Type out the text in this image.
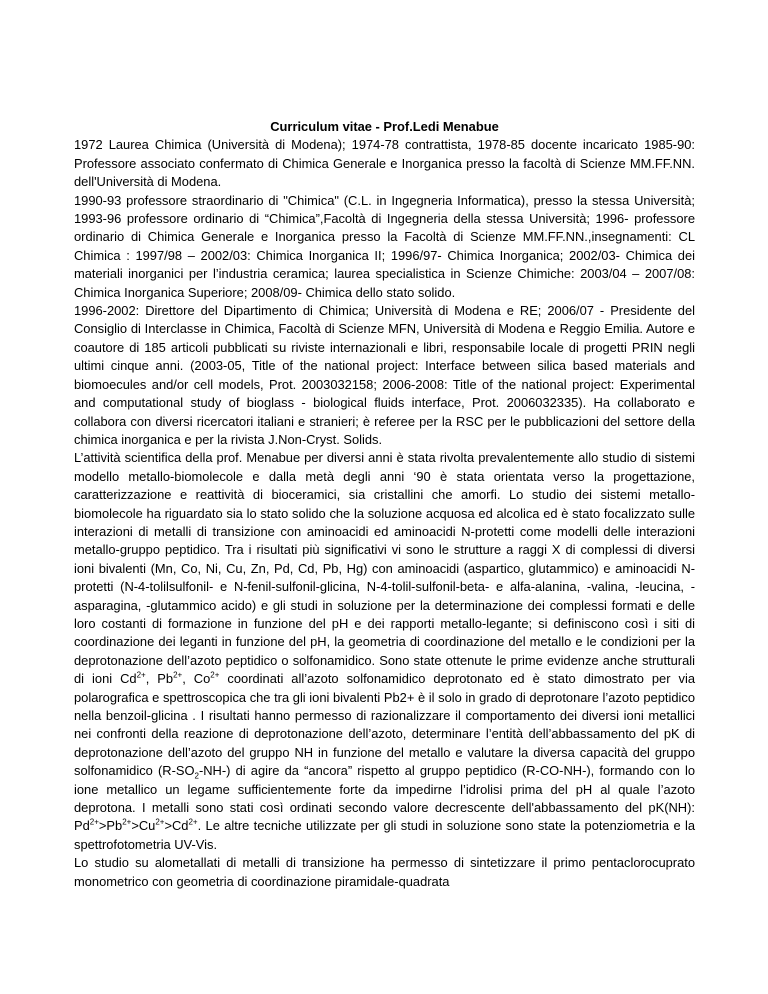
Curriculum vitae - Prof.Ledi Menabue

1972 Laurea Chimica (Università di Modena); 1974-78 contrattista, 1978-85 docente incaricato 1985-90: Professore associato confermato di Chimica Generale e Inorganica presso la facoltà di Scienze MM.FF.NN. dell'Università di Modena.

1990-93 professore straordinario di "Chimica" (C.L. in Ingegneria Informatica), presso la stessa Università; 1993-96 professore ordinario di “Chimica”,Facoltà di Ingegneria della stessa Università; 1996- professore ordinario di Chimica Generale e Inorganica presso la Facoltà di Scienze MM.FF.NN.,insegnamenti: CL Chimica : 1997/98 – 2002/03: Chimica Inorganica II; 1996/97- Chimica Inorganica; 2002/03- Chimica dei materiali inorganici per l’industria ceramica; laurea specialistica in Scienze Chimiche: 2003/04 – 2007/08: Chimica Inorganica Superiore; 2008/09- Chimica dello stato solido.

1996-2002: Direttore del Dipartimento di Chimica; Università di Modena e RE; 2006/07 - Presidente del Consiglio di Interclasse in Chimica, Facoltà di Scienze MFN, Università di Modena e Reggio Emilia. Autore e coautore di 185 articoli pubblicati su riviste internazionali e libri, responsabile locale di progetti PRIN negli ultimi cinque anni. (2003-05, Title of the national project: Interface between silica based materials and biomoecules and/or cell models, Prot. 2003032158; 2006-2008: Title of the national project: Experimental and computational study of bioglass - biological fluids interface, Prot. 2006032335). Ha collaborato e collabora con diversi ricercatori italiani e stranieri; è referee per la RSC per le pubblicazioni del settore della chimica inorganica e per la rivista J.Non-Cryst. Solids.

L’attività scientifica della prof. Menabue per diversi anni è stata rivolta prevalentemente allo studio di sistemi modello metallo-biomolecole e dalla metà degli anni ‘90 è stata orientata verso la progettazione, caratterizzazione e reattività di bioceramici, sia cristallini che amorfi. Lo studio dei sistemi metallo-biomolecole ha riguardato sia lo stato solido che la soluzione acquosa ed alcolica ed è stato focalizzato sulle interazioni di metalli di transizione con aminoacidi ed aminoacidi N-protetti come modelli delle interazioni metallo-gruppo peptidico. Tra i risultati più significativi vi sono le strutture a raggi X di complessi di diversi ioni bivalenti (Mn, Co, Ni, Cu, Zn, Pd, Cd, Pb, Hg) con aminoacidi (aspartico, glutammico) e aminoacidi N-protetti (N-4-tolilsulfonil- e N-fenil-sulfonil-glicina, N-4-tolil-sulfonil-beta- e alfa-alanina, -valina, -leucina, -asparagina, -glutammico acido) e gli studi in soluzione per la determinazione dei complessi formati e delle loro costanti di formazione in funzione del pH e dei rapporti metallo-legante; si definiscono così i siti di coordinazione dei leganti in funzione del pH, la geometria di coordinazione del metallo e le condizioni per la deprotonazione dell’azoto peptidico o solfonamidico. Sono state ottenute le prime evidenze anche strutturali di ioni $Cd^{2+}$, $Pb^{2+}$, $Co^{2+}$ coordinati all’azoto solfonamidico deprotonato ed è stato dimostrato per via polarografica e spettroscopica che tra gli ioni bivalenti Pb2+ è il solo in grado di deprotonare l’azoto peptidico nella benzoil-glicina . I risultati hanno permesso di razionalizzare il comportamento dei diversi ioni metallici nei confronti della reazione di deprotonazione dell’azoto, determinare l’entità dell’abbassamento del pK di deprotonazione dell’azoto del gruppo NH in funzione del metallo e valutare la diversa capacità del gruppo solfonamidico $(R-SO_2-NH-)$ di agire da “ancora” rispetto al gruppo peptidico (R-CO-NH-), formando con lo ione metallico un legame sufficientemente forte da impedirne l’idrolisi prima del pH al quale l’azoto deprotona. I metalli sono stati così ordinati secondo valore decrescente dell'abbassamento del pK(NH): $Pd^{2+}>Pb^{2+}>Cu^{2+}>Cd^{2+}$. Le altre tecniche utilizzate per gli studi in soluzione sono state la potenziometria e la spettrofotometria UV-Vis.

Lo studio su alometallati di metalli di transizione ha permesso di sintetizzare il primo pentaclorocuprato monometrico con geometria di coordinazione piramidale-quadrata
